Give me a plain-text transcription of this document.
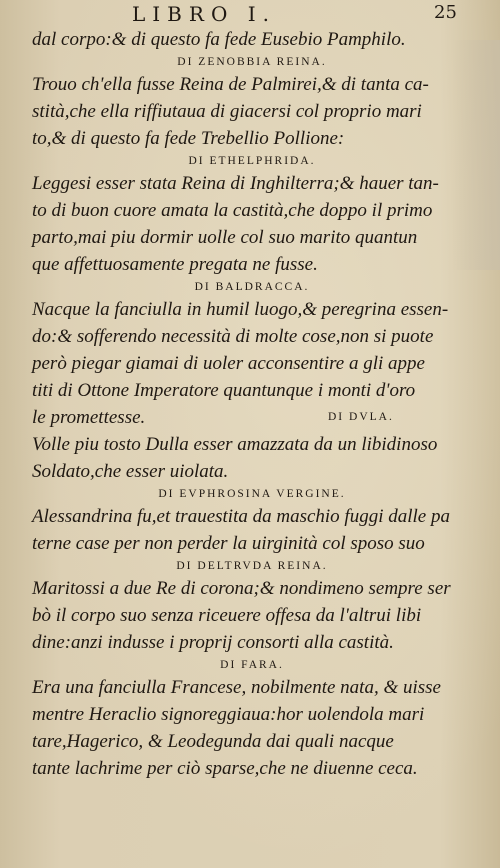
LIBRO I.	25
dal corpo:& di questo fa fede Eusebio Pamphilo.
DI ZENOBBIA REINA.
Trouo ch'ella fusse Reina de Palmirei,& di tanta ca-
stità,che ella riffiutaua di giacersi col proprio mari
to,& di questo fa fede Trebellio Pollione:
DI ETHELPHRIDA.
Leggesi esser stata Reina di Inghilterra;& hauer tan-
to di buon cuore amata la castità,che doppo il primo
parto,mai piu dormir uolle col suo marito quantun
que affettuosamente pregata ne fusse.
DI BALDRACCA.
Nacque la fanciulla in humil luogo,& peregrina essen-
do:& sofferendo necessità di molte cose,non si puote
però piegar giamai di uoler acconsentire a gli appe
titi di Ottone Imperatore quantunque i monti d'oro
le promettesse.	DI DVLA.
Volle piu tosto Dulla esser amazzata da un libidinoso
Soldato,che esser uiolata.
DI EVPHROSINA VERGINE.
Alessandrina fu,et trauestita da maschio fuggi dalle pa
terne case per non perder la uirginità col sposo suo
DI DELTRVDA REINA.
Maritossi a due Re di corona;& nondimeno sempre ser
bò il corpo suo senza riceuere offesa da l'altrui libi
dine:anzi indusse i proprij consorti alla castità.
DI FARA.
Era una fanciulla Francese, nobilmente nata, & uisse
mentre Heraclio signoreggiaua:hor uolendola mari
tare,Hagerico, & Leodegunda dai quali nacque
tante lachrime per ciò sparse,che ne diuenne ceca.
